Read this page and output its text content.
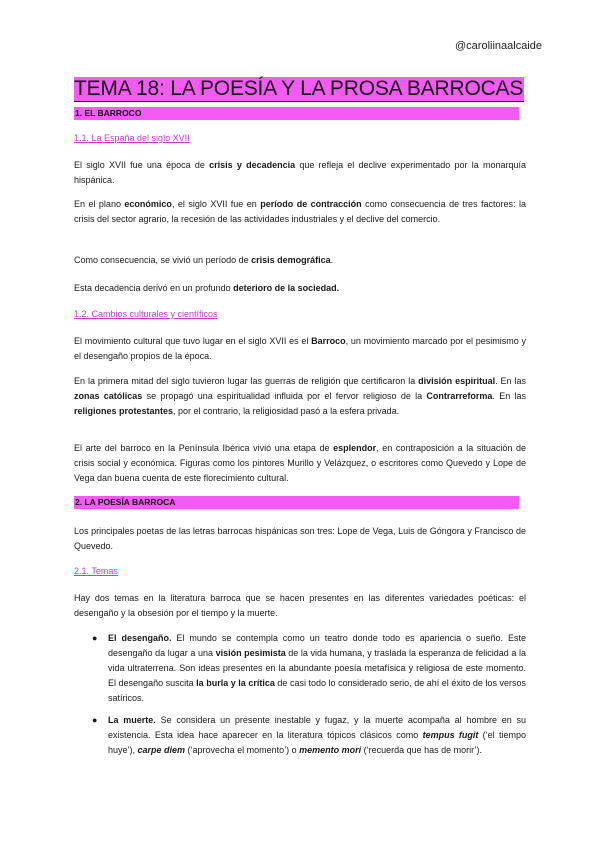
@caroliinaalcaide
TEMA 18: LA POESÍA Y LA PROSA BARROCAS
1. EL BARROCO
1.1. La España del siglo XVII
El siglo XVII fue una época de crisis y decadencia que refleja el declive experimentado por la monarquía hispánica.
En el plano económico, el siglo XVII fue en período de contracción como consecuencia de tres factores: la crisis del sector agrario, la recesión de las actividades industriales y el declive del comercio.
Como consecuencia, se vivió un período de crisis demográfica.
Esta decadencia derivó en un profundo deterioro de la sociedad.
1.2. Cambios culturales y científicos
El movimiento cultural que tuvo lugar en el siglo XVII es el Barroco, un movimiento marcado por el pesimismo y el desengaño propios de la época.
En la primera mitad del siglo tuvieron lugar las guerras de religión que certificaron la división espiritual. En las zonas católicas se propagó una espiritualidad influida por el fervor religioso de la Contrarreforma. En las religiones protestantes, por el contrario, la religiosidad pasó a la esfera privada.
El arte del barroco en la Península Ibérica vivió una etapa de esplendor, en contraposición a la situación de crisis social y económica. Figuras como los pintores Murillo y Velázquez, o escritores como Quevedo y Lope de Vega dan buena cuenta de este florecimiento cultural.
2. LA POESÍA BARROCA
Los principales poetas de las letras barrocas hispánicas son tres: Lope de Vega, Luis de Góngora y Francisco de Quevedo.
2.1. Temas
Hay dos temas en la literatura barroca que se hacen presentes en las diferentes variedades poéticas: el desengaño y la obsesión por el tiempo y la muerte.
●	El desengaño. El mundo se contempla como un teatro donde todo es apariencia o sueño. Este desengaño da lugar a una visión pesimista de la vida humana, y traslada la esperanza de felicidad a la vida ultraterrena. Son ideas presentes en la abundante poesía metafísica y religiosa de este momento. El desengaño suscita la burla y la crítica de casi todo lo considerado serio, de ahí el éxito de los versos satíricos.
●	La muerte. Se considera un presente inestable y fugaz, y la muerte acompaña al hombre en su existencia. Esta idea hace aparecer en la literatura tópicos clásicos como tempus fugit (‘el tiempo huye’), carpe diem (‘aprovecha el momento’) o memento mori (‘recuerda que has de morir’).
